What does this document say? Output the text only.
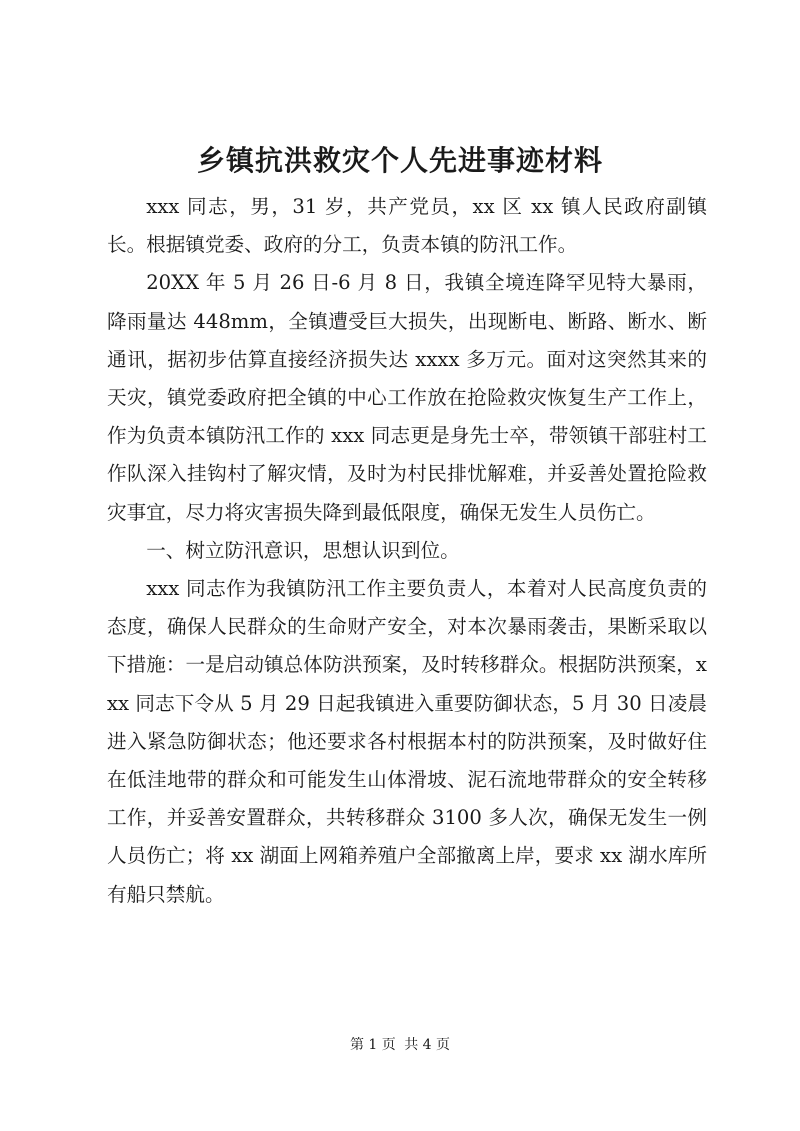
乡镇抗洪救灾个人先进事迹材料

xxx 同志，男，31 岁，共产党员，xx 区 xx 镇人民政府副镇长。根据镇党委、政府的分工，负责本镇的防汛工作。

20XX 年 5 月 26 日-6 月 8 日，我镇全境连降罕见特大暴雨，降雨量达 448mm，全镇遭受巨大损失，出现断电、断路、断水、断通讯，据初步估算直接经济损失达 xxxx 多万元。面对这突然其来的天灾，镇党委政府把全镇的中心工作放在抢险救灾恢复生产工作上，作为负责本镇防汛工作的 xxx 同志更是身先士卒，带领镇干部驻村工作队深入挂钩村了解灾情，及时为村民排忧解难，并妥善处置抢险救灾事宜，尽力将灾害损失降到最低限度，确保无发生人员伤亡。

一、树立防汛意识，思想认识到位。

xxx 同志作为我镇防汛工作主要负责人，本着对人民高度负责的态度，确保人民群众的生命财产安全，对本次暴雨袭击，果断采取以下措施：一是启动镇总体防洪预案，及时转移群众。根据防洪预案，xxx 同志下令从 5 月 29 日起我镇进入重要防御状态，5 月 30 日凌晨进入紧急防御状态；他还要求各村根据本村的防洪预案，及时做好住在低洼地带的群众和可能发生山体滑坡、泥石流地带群众的安全转移工作，并妥善安置群众，共转移群众 3100 多人次，确保无发生一例人员伤亡；将 xx 湖面上网箱养殖户全部撤离上岸，要求 xx 湖水库所有船只禁航。

第 1 页 共 4 页
